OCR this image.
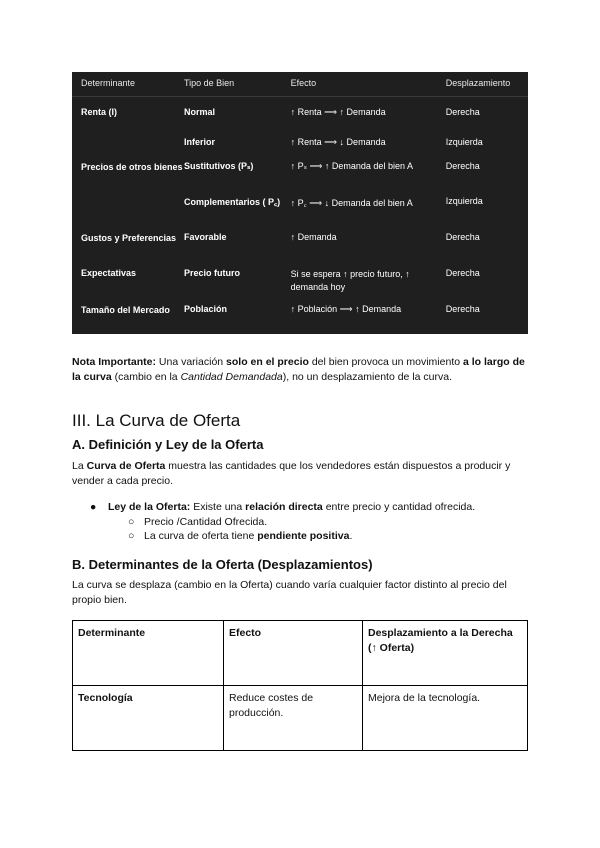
Determinante	Tipo de Bien	Efecto	Desplazamiento
Renta (I)	Normal	↑ Renta ⟹ ↑ Demanda	Derecha
	Inferior	↑ Renta ⟹ ↓ Demanda	Izquierda
Precios de otros bienes	Sustitutivos (Pₛ)	↑ Pₛ ⟹ ↑ Demanda del bien A	Derecha
	Complementarios ( P꜀)	↑ P꜀ ⟹ ↓ Demanda del bien A	Izquierda
Gustos y Preferencias	Favorable	↑ Demanda	Derecha
Expectativas	Precio futuro	Si se espera ↑ precio futuro, ↑ demanda hoy	Derecha
Tamaño del Mercado	Población	↑ Población ⟹ ↑ Demanda	Derecha

Nota Importante: Una variación solo en el precio del bien provoca un movimiento a lo largo de la curva (cambio en la Cantidad Demandada), no un desplazamiento de la curva.

III. La Curva de Oferta
A. Definición y Ley de la Oferta

La Curva de Oferta muestra las cantidades que los vendedores están dispuestos a producir y vender a cada precio.

● Ley de la Oferta: Existe una relación directa entre precio y cantidad ofrecida.
○ Precio /Cantidad Ofrecida.
○ La curva de oferta tiene pendiente positiva.
B. Determinantes de la Oferta (Desplazamientos)

La curva se desplaza (cambio en la Oferta) cuando varía cualquier factor distinto al precio del propio bien.

Determinante	Efecto	Desplazamiento a la Derecha (↑ Oferta)
Tecnología	Reduce costes de producción.	Mejora de la tecnología.
